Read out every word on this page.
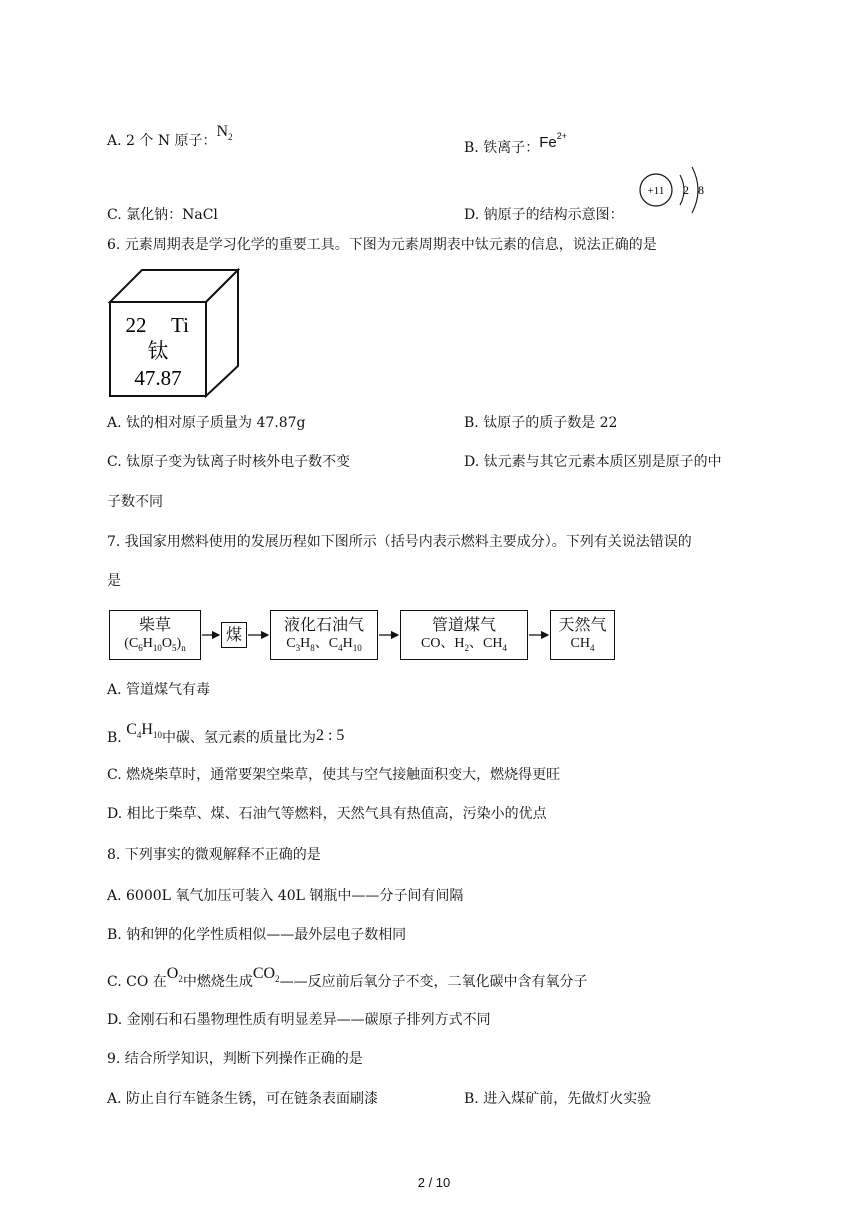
A. 2 个 N 原子：$N_2$
B. 铁离子：$Fe^{2+}$
C. 氯化钠：NaCl	D. 钠原子的结构示意图：
+11 2 8
6. 元素周期表是学习化学的重要工具。下图为元素周期表中钛元素的信息，说法正确的是
22 Ti
钛
47.87
A. 钛的相对原子质量为 47.87g	B. 钛原子的质子数是 22
C. 钛原子变为钛离子时核外电子数不变	D. 钛元素与其它元素本质区别是原子的中
子数不同
7. 我国家用燃料使用的发展历程如下图所示（括号内表示燃料主要成分）。下列有关说法错误的
是
柴草
$(C_6H_{10}O_5)_n$
煤
液化石油气
$C_3H_8$、$C_4H_{10}$
管道煤气
CO、$H_2$、$CH_4$
天然气
$CH_4$
A. 管道煤气有毒
B. $C_4H_{10}$中碳、氢元素的质量比为2 : 5
C. 燃烧柴草时，通常要架空柴草，使其与空气接触面积变大，燃烧得更旺
D. 相比于柴草、煤、石油气等燃料，天然气具有热值高，污染小的优点
8. 下列事实的微观解释不正确的是
A. 6000L 氧气加压可装入 40L 钢瓶中——分子间有间隔
B. 钠和钾的化学性质相似——最外层电子数相同
C. CO 在$O_2$中燃烧生成$CO_2——$反应前后氧分子不变，二氧化碳中含有氧分子
D. 金刚石和石墨物理性质有明显差异——碳原子排列方式不同
9. 结合所学知识，判断下列操作正确的是
A. 防止自行车链条生锈，可在链条表面刷漆	B. 进入煤矿前，先做灯火实验
2 / 10
